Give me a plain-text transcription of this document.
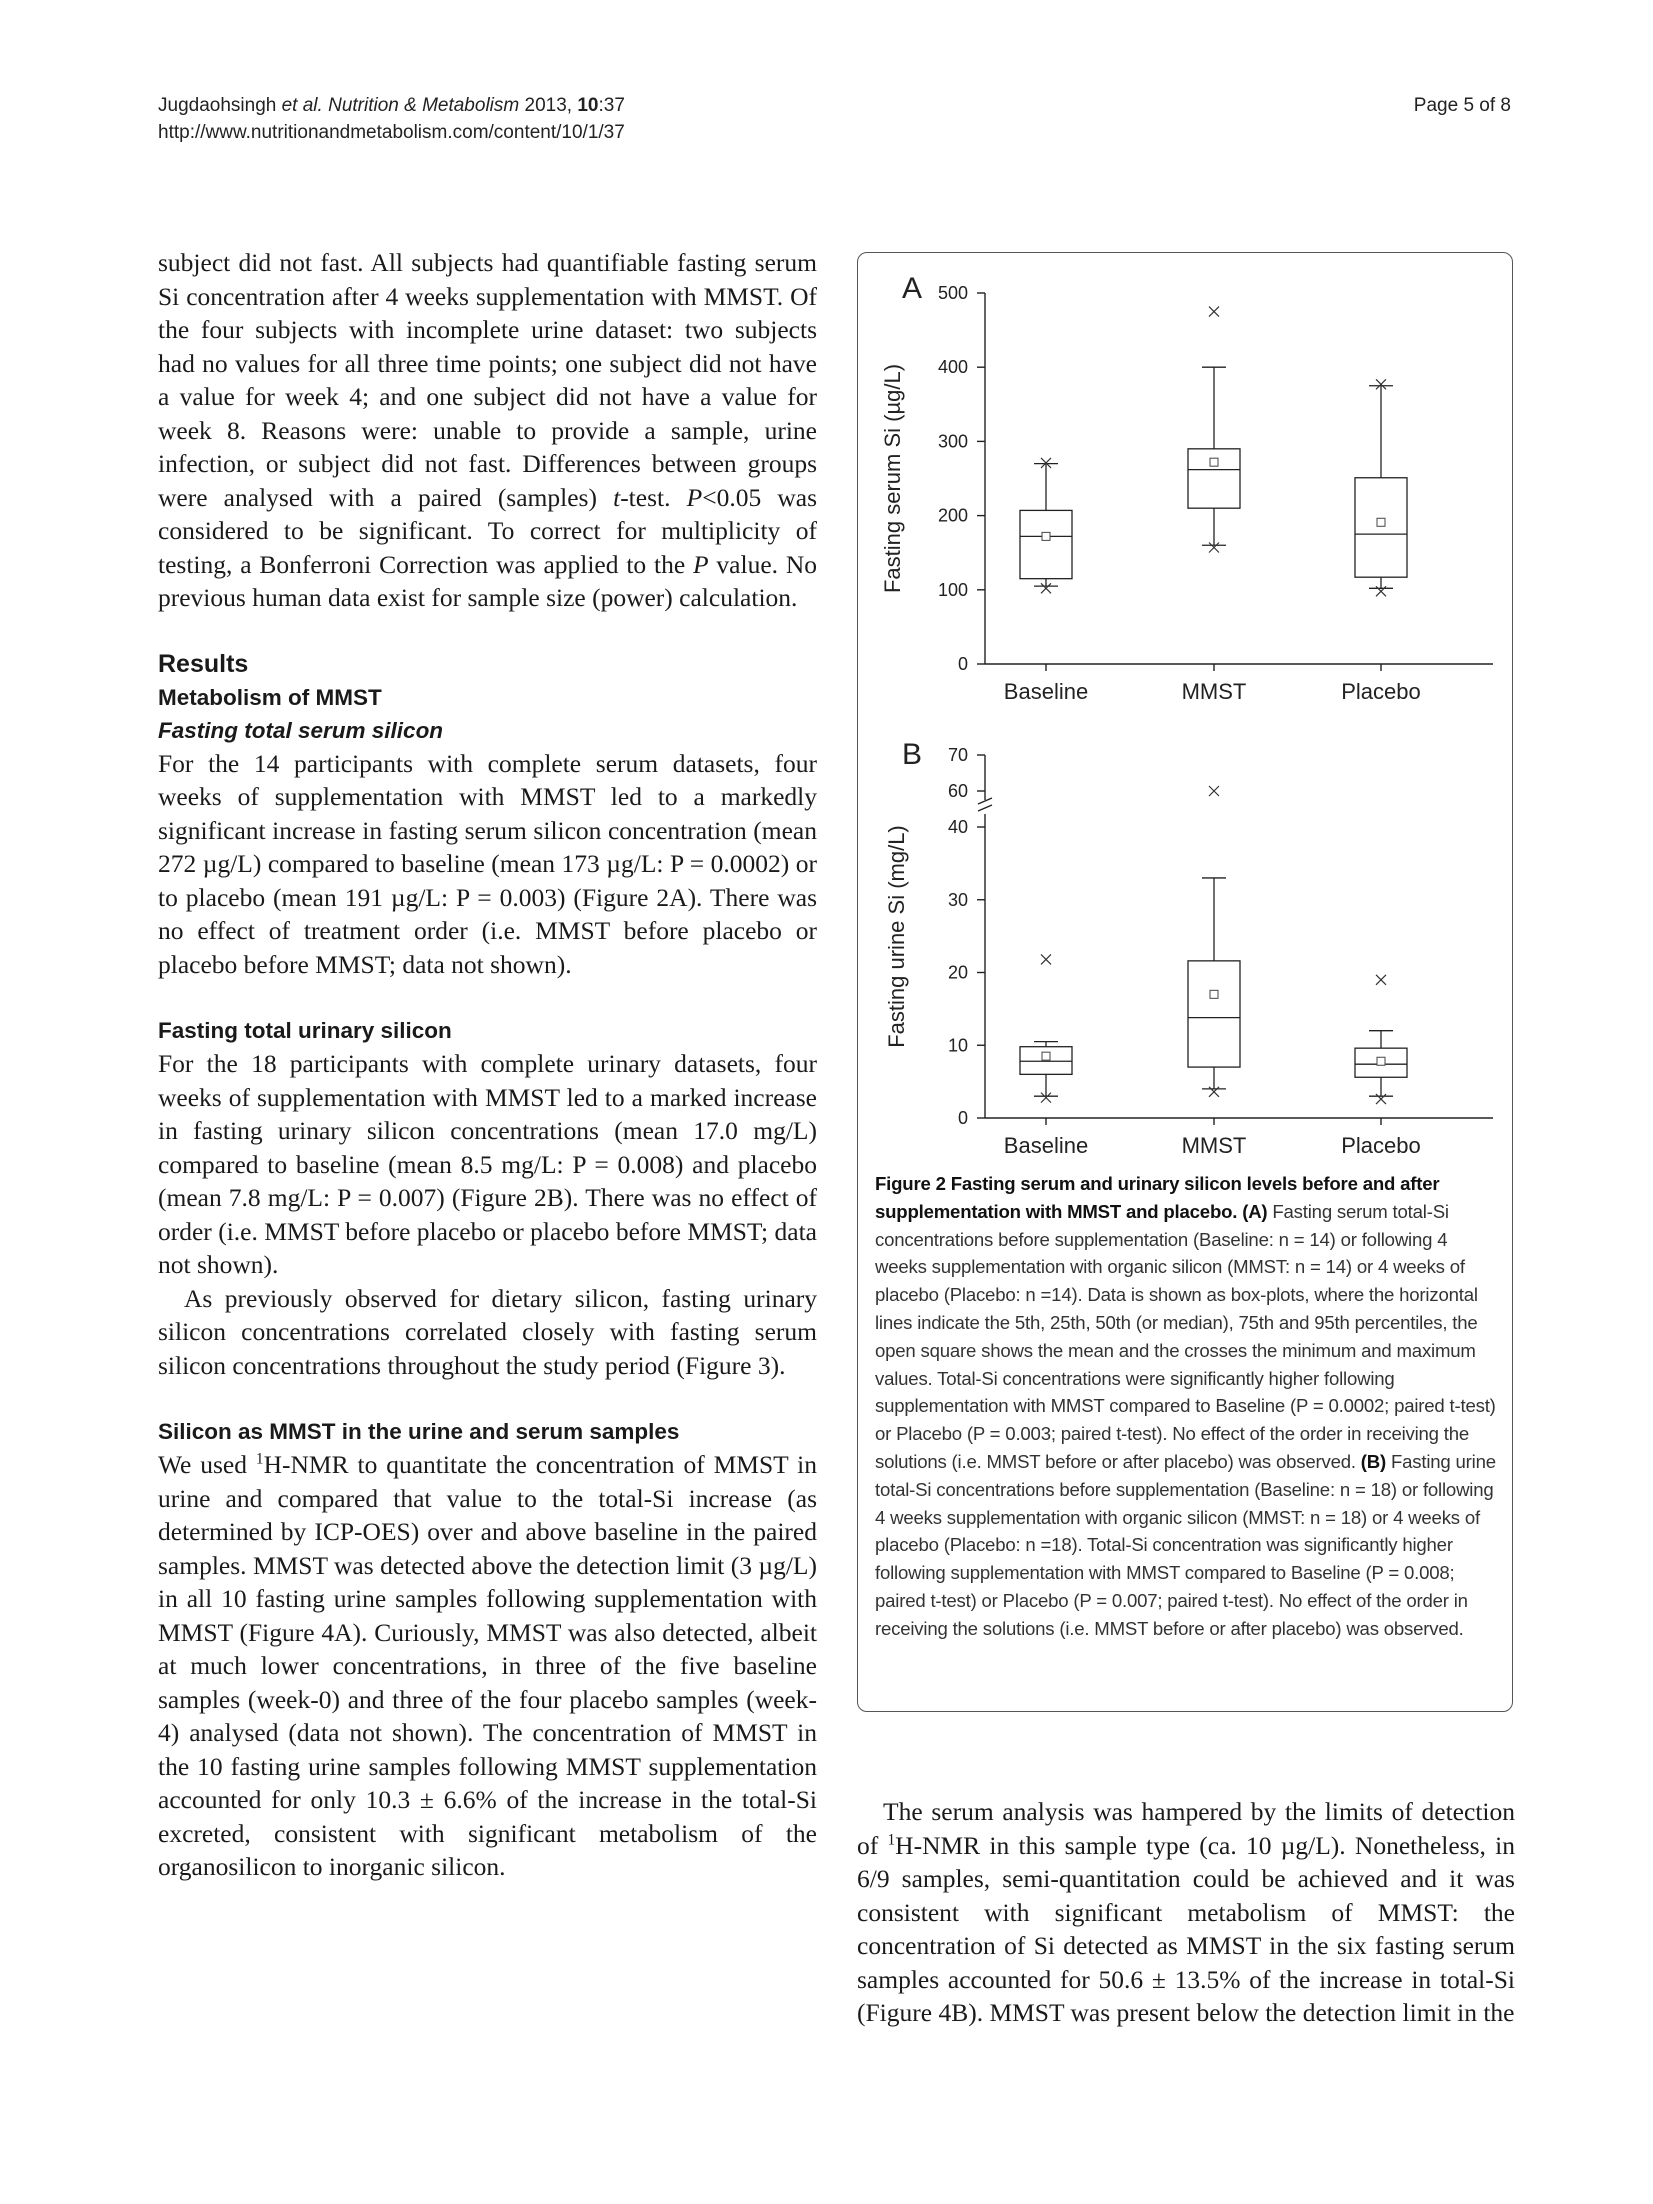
Jugdaohsingh et al. Nutrition & Metabolism 2013, 10:37
http://www.nutritionandmetabolism.com/content/10/1/37
Page 5 of 8

subject did not fast. All subjects had quantifiable fasting serum Si concentration after 4 weeks supplementation with MMST. Of the four subjects with incomplete urine dataset: two subjects had no values for all three time points; one subject did not have a value for week 4; and one subject did not have a value for week 8. Reasons were: unable to provide a sample, urine infection, or subject did not fast. Differences between groups were analysed with a paired (samples) t-test. P<0.05 was considered to be significant. To correct for multiplicity of testing, a Bonferroni Correction was applied to the P value. No previous human data exist for sample size (power) calculation.

Results
Metabolism of MMST
Fasting total serum silicon

For the 14 participants with complete serum datasets, four weeks of supplementation with MMST led to a markedly significant increase in fasting serum silicon concentration (mean 272 µg/L) compared to baseline (mean 173 µg/L: P = 0.0002) or to placebo (mean 191 µg/L: P = 0.003) (Figure 2A). There was no effect of treatment order (i.e. MMST before placebo or placebo before MMST; data not shown).

Fasting total urinary silicon

For the 18 participants with complete urinary datasets, four weeks of supplementation with MMST led to a marked increase in fasting urinary silicon concentrations (mean 17.0 mg/L) compared to baseline (mean 8.5 mg/L: P = 0.008) and placebo (mean 7.8 mg/L: P = 0.007) (Figure 2B). There was no effect of order (i.e. MMST before placebo or placebo before MMST; data not shown).

As previously observed for dietary silicon, fasting urinary silicon concentrations correlated closely with fasting serum silicon concentrations throughout the study period (Figure 3).

Silicon as MMST in the urine and serum samples

We used $^1$H-NMR to quantitate the concentration of MMST in urine and compared that value to the total-Si increase (as determined by ICP-OES) over and above baseline in the paired samples. MMST was detected above the detection limit (3 µg/L) in all 10 fasting urine samples following supplementation with MMST (Figure 4A). Curiously, MMST was also detected, albeit at much lower concentrations, in three of the five baseline samples (week-0) and three of the four placebo samples (week-4) analysed (data not shown). The concentration of MMST in the 10 fasting urine samples following MMST supplementation accounted for only 10.3 ± 6.6% of the increase in the total-Si excreted, consistent with significant metabolism of the organosilicon to inorganic silicon.

A
0
100
200
300
400
500
Fasting serum Si (µg/L)
Baseline	MMST	Placebo
B
0
10
20
30
40
60
70
Fasting urine Si (mg/L)
Baseline	MMST	Placebo
Figure 2 Fasting serum and urinary silicon levels before and after supplementation with MMST and placebo. (A) Fasting serum total-Si concentrations before supplementation (Baseline: n = 14) or following 4 weeks supplementation with organic silicon (MMST: n = 14) or 4 weeks of placebo (Placebo: n =14). Data is shown as box-plots, where the horizontal lines indicate the 5th, 25th, 50th (or median), 75th and 95th percentiles, the open square shows the mean and the crosses the minimum and maximum values. Total-Si concentrations were significantly higher following supplementation with MMST compared to Baseline (P = 0.0002; paired t-test) or Placebo (P = 0.003; paired t-test). No effect of the order in receiving the solutions (i.e. MMST before or after placebo) was observed. (B) Fasting urine total-Si concentrations before supplementation (Baseline: n = 18) or following 4 weeks supplementation with organic silicon (MMST: n = 18) or 4 weeks of placebo (Placebo: n =18). Total-Si concentration was significantly higher following supplementation with MMST compared to Baseline (P = 0.008; paired t-test) or Placebo (P = 0.007; paired t-test). No effect of the order in receiving the solutions (i.e. MMST before or after placebo) was observed.

The serum analysis was hampered by the limits of detection of $^1$H-NMR in this sample type (ca. 10 µg/L). Nonetheless, in 6/9 samples, semi-quantitation could be achieved and it was consistent with significant metabolism of MMST: the concentration of Si detected as MMST in the six fasting serum samples accounted for 50.6 ± 13.5% of the increase in total-Si (Figure 4B). MMST was present below the detection limit in the
